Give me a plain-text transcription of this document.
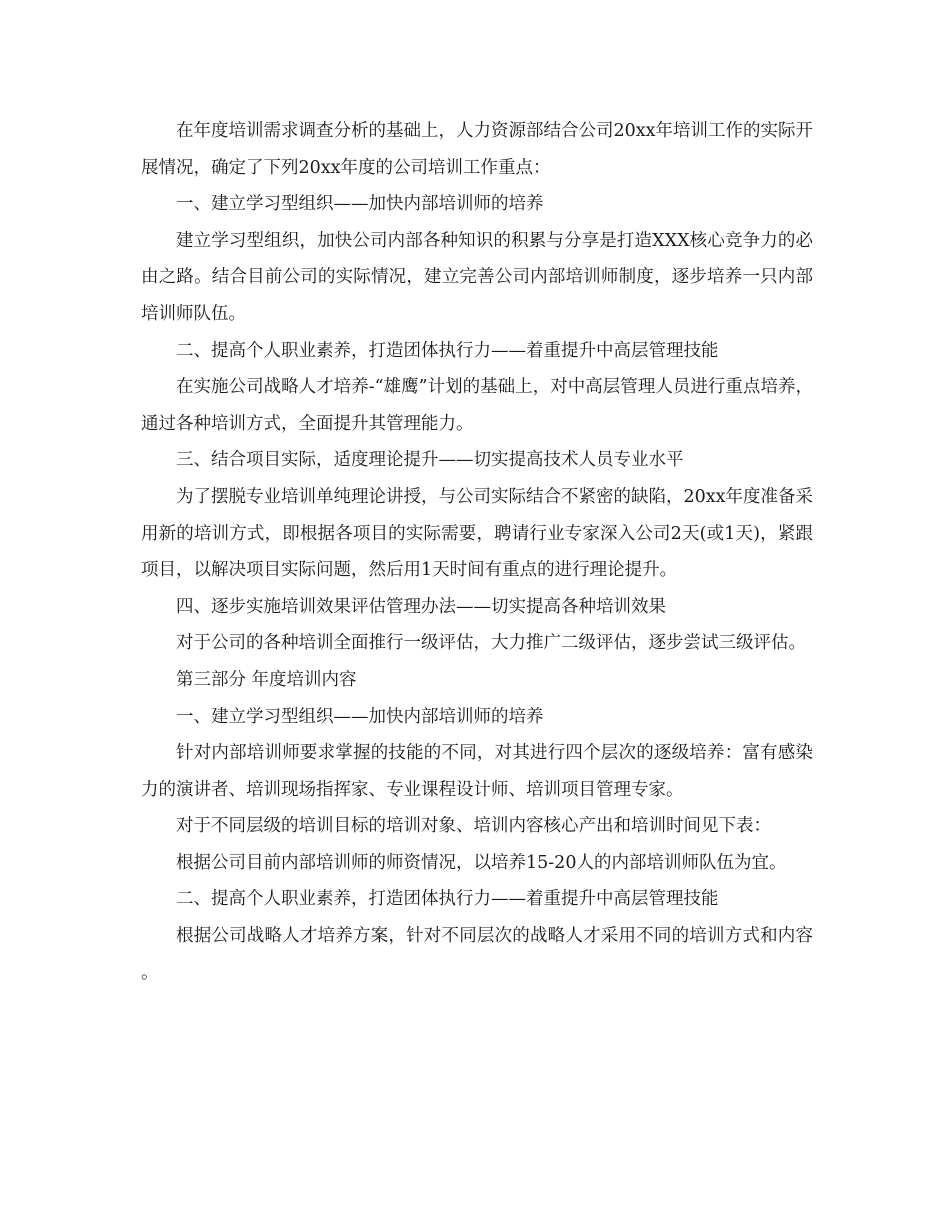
在年度培训需求调查分析的基础上，人力资源部结合公司20xx年培训工作的实际开展情况，确定了下列20xx年度的公司培训工作重点：

一、建立学习型组织——加快内部培训师的培养

建立学习型组织，加快公司内部各种知识的积累与分享是打造XXX核心竞争力的必由之路。结合目前公司的实际情况，建立完善公司内部培训师制度，逐步培养一只内部培训师队伍。

二、提高个人职业素养，打造团体执行力——着重提升中高层管理技能

在实施公司战略人才培养-“雄鹰”计划的基础上，对中高层管理人员进行重点培养，通过各种培训方式，全面提升其管理能力。

三、结合项目实际，适度理论提升——切实提高技术人员专业水平

为了摆脱专业培训单纯理论讲授，与公司实际结合不紧密的缺陷，20xx年度准备采用新的培训方式，即根据各项目的实际需要，聘请行业专家深入公司2天(或1天)，紧跟项目，以解决项目实际问题，然后用1天时间有重点的进行理论提升。

四、逐步实施培训效果评估管理办法——切实提高各种培训效果

对于公司的各种培训全面推行一级评估，大力推广二级评估，逐步尝试三级评估。

第三部分 年度培训内容

一、建立学习型组织——加快内部培训师的培养

针对内部培训师要求掌握的技能的不同，对其进行四个层次的逐级培养：富有感染力的演讲者、培训现场指挥家、专业课程设计师、培训项目管理专家。

对于不同层级的培训目标的培训对象、培训内容核心产出和培训时间见下表：

根据公司目前内部培训师的师资情况，以培养15-20人的内部培训师队伍为宜。

二、提高个人职业素养，打造团体执行力——着重提升中高层管理技能

根据公司战略人才培养方案，针对不同层次的战略人才采用不同的培训方式和内容。
